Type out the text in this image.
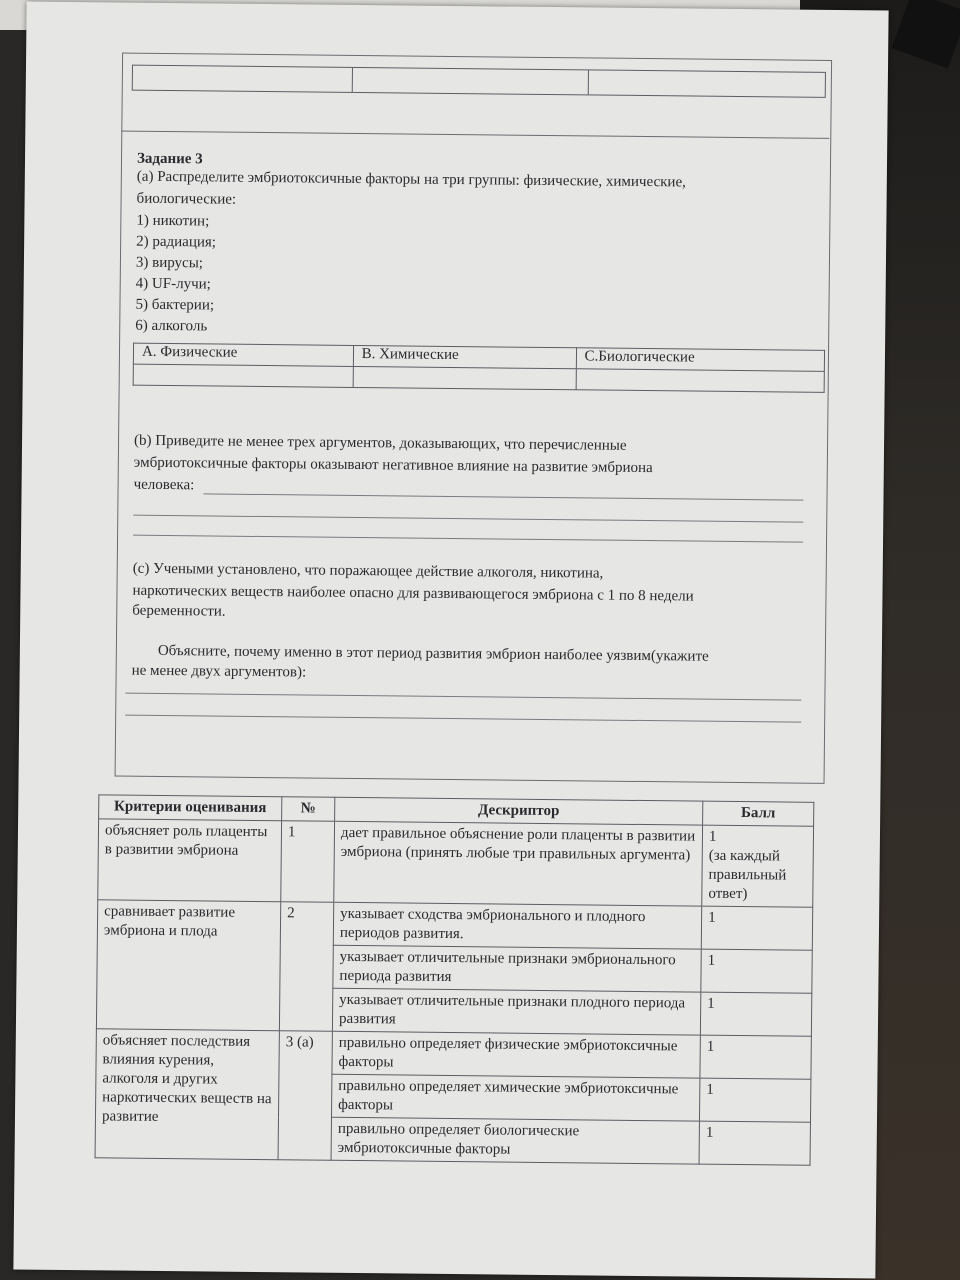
Задание 3
(а) Распределите эмбриотоксичные факторы на три группы: физические, химические,
биологические:
1) никотин;
2) радиация;
3) вирусы;
4) UF-лучи;
5) бактерии;
6) алкоголь
А. Физические	В. Химические	С.Биологические

(b) Приведите не менее трех аргументов, доказывающих, что перечисленные
эмбриотоксичные факторы оказывают негативное влияние на развитие эмбриона
человека:
(c) Учеными установлено, что поражающее действие алкоголя, никотина,
наркотических веществ наиболее опасно для развивающегося эмбриона с 1 по 8 недели
беременности.
Объясните, почему именно в этот период развития эмбрион наиболее уязвим(укажите
не менее двух аргументов):
Критерии оценивания	№	Дескриптор	Балл
объясняет роль плаценты в развитии эмбриона	1	дает правильное объяснение роли плаценты в развитии эмбриона (принять любые три правильных аргумента)	1
(за каждый правильный ответ)
сравнивает развитие эмбриона и плода	2	указывает сходства эмбрионального и плодного периодов развития.	1
		указывает отличительные признаки эмбрионального периода развития	1
		указывает отличительные признаки плодного периода развития	1
объясняет последствия влияния курения, алкоголя и других наркотических веществ на развитие	3 (а)	правильно определяет физические эмбриотоксичные факторы	1
		правильно определяет химические эмбриотоксичные факторы	1
		правильно определяет биологические эмбриотоксичные факторы	1
